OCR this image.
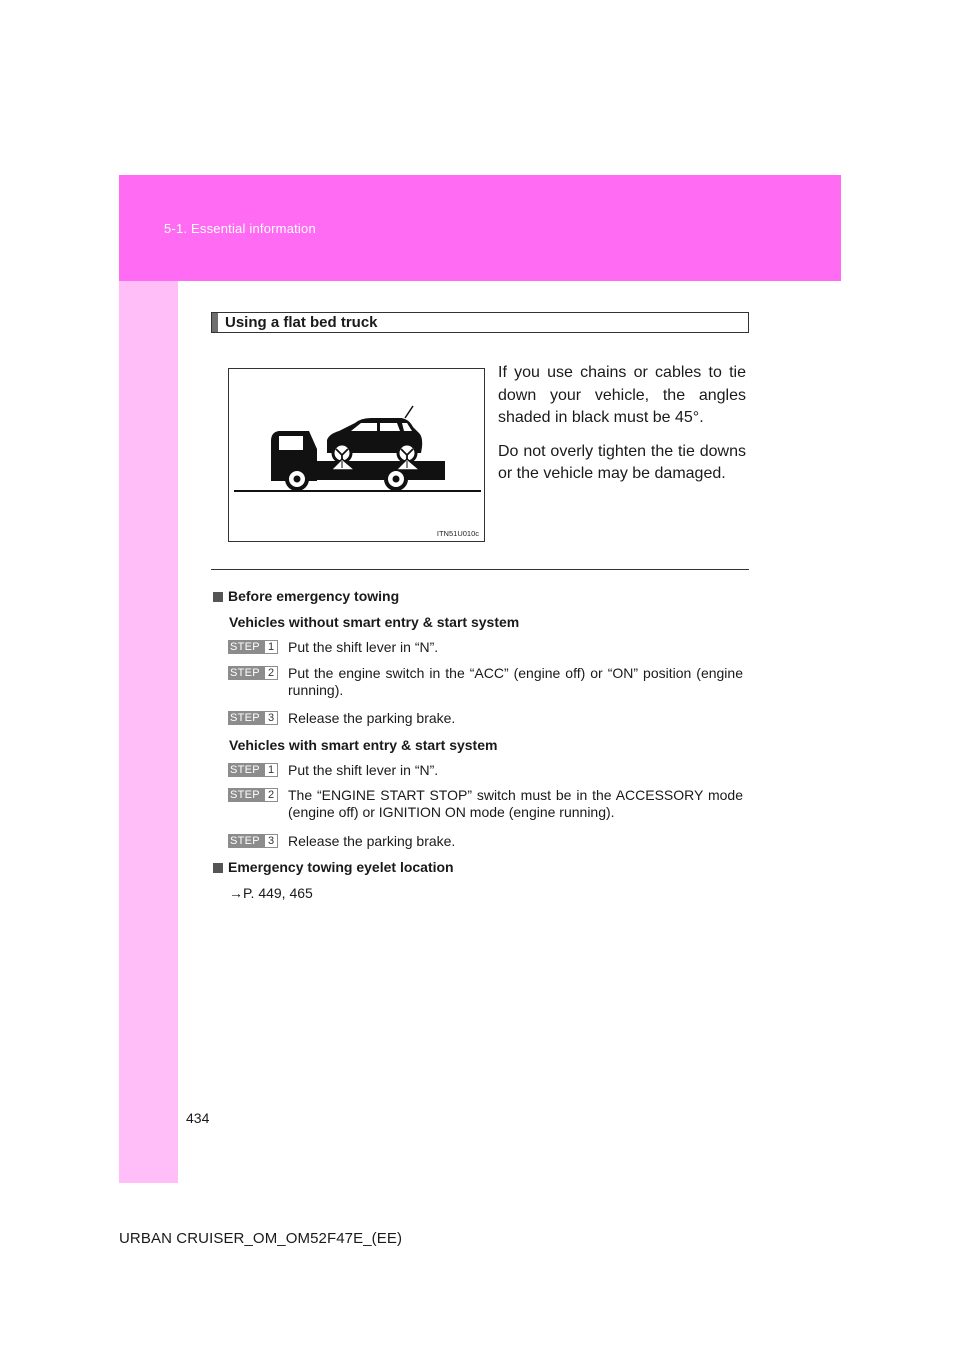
5-1. Essential information
Using a flat bed truck
ITN51U010c

If you use chains or cables to tie down your vehicle, the angles shaded in black must be 45°.

Do not overly tighten the tie downs or the vehicle may be damaged.

Before emergency towing
Vehicles without smart entry & start system
STEP 1 Put the shift lever in “N”.
STEP 2 Put the engine switch in the “ACC” (engine off) or “ON” position (engine running).
STEP 3 Release the parking brake.
Vehicles with smart entry & start system
STEP 1 Put the shift lever in “N”.
STEP 2 The “ENGINE START STOP” switch must be in the ACCESSORY mode (engine off) or IGNITION ON mode (engine running).
STEP 3 Release the parking brake.
Emergency towing eyelet location
→P. 449, 465
434
URBAN CRUISER_OM_OM52F47E_(EE)
